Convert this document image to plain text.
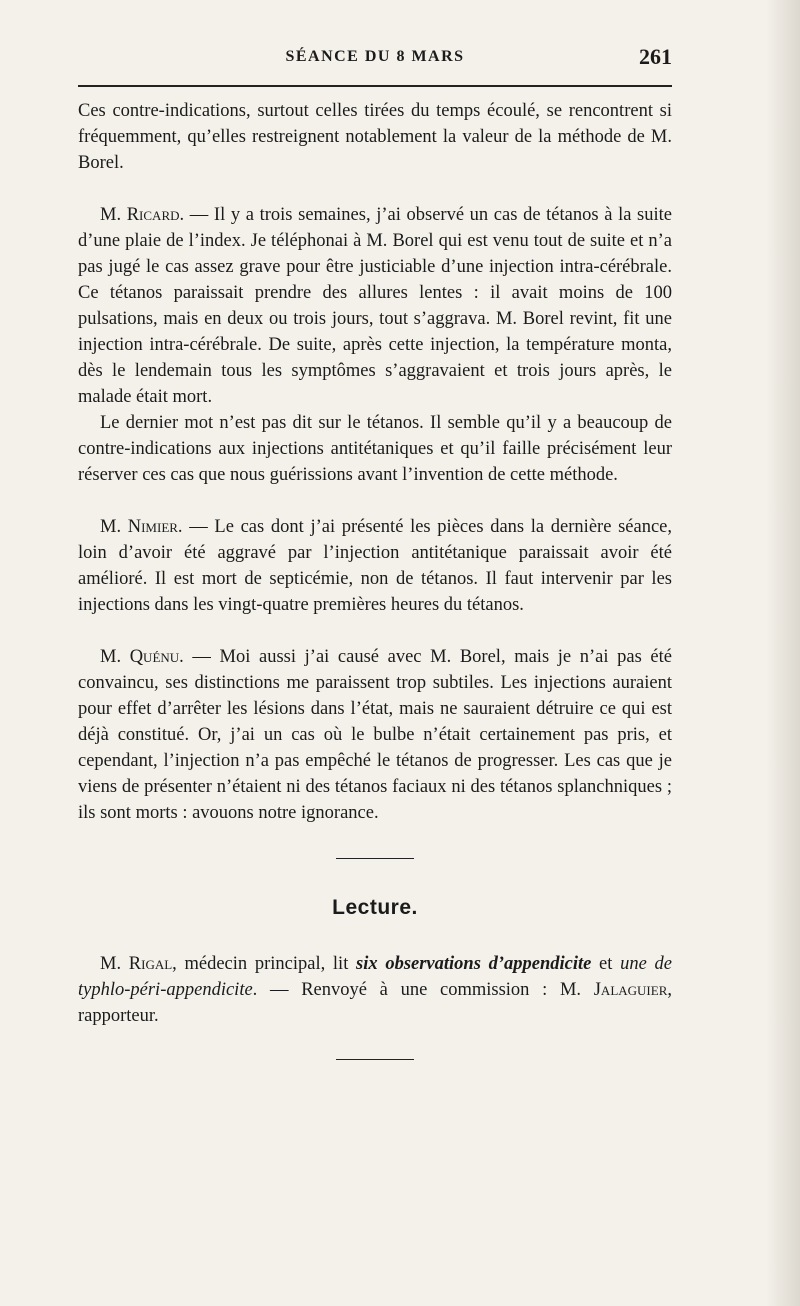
SÉANCE DU 8 MARS	261

Ces contre-indications, surtout celles tirées du temps écoulé, se rencontrent si fréquemment, qu’elles restreignent notablement la valeur de la méthode de M. Borel.

M. Ricard. — Il y a trois semaines, j’ai observé un cas de tétanos à la suite d’une plaie de l’index. Je téléphonai à M. Borel qui est venu tout de suite et n’a pas jugé le cas assez grave pour être justiciable d’une injection intra-cérébrale. Ce tétanos paraissait prendre des allures lentes : il avait moins de 100 pulsations, mais en deux ou trois jours, tout s’aggrava. M. Borel revint, fit une injection intra-cérébrale. De suite, après cette injection, la température monta, dès le lendemain tous les symptômes s’aggravaient et trois jours après, le malade était mort.

Le dernier mot n’est pas dit sur le tétanos. Il semble qu’il y a beaucoup de contre-indications aux injections antitétaniques et qu’il faille précisément leur réserver ces cas que nous guérissions avant l’invention de cette méthode.

M. Nimier. — Le cas dont j’ai présenté les pièces dans la dernière séance, loin d’avoir été aggravé par l’injection antitétanique paraissait avoir été amélioré. Il est mort de septicémie, non de tétanos. Il faut intervenir par les injections dans les vingt-quatre premières heures du tétanos.

M. Quénu. — Moi aussi j’ai causé avec M. Borel, mais je n’ai pas été convaincu, ses distinctions me paraissent trop subtiles. Les injections auraient pour effet d’arrêter les lésions dans l’état, mais ne sauraient détruire ce qui est déjà constitué. Or, j’ai un cas où le bulbe n’était certainement pas pris, et cependant, l’injection n’a pas empêché le tétanos de progresser. Les cas que je viens de présenter n’étaient ni des tétanos faciaux ni des tétanos splanchniques ; ils sont morts : avouons notre ignorance.

Lecture.

M. Rigal, médecin principal, lit six observations d’appendicite et une de typhlo-péri-appendicite. — Renvoyé à une commission : M. Jalaguier, rapporteur.
